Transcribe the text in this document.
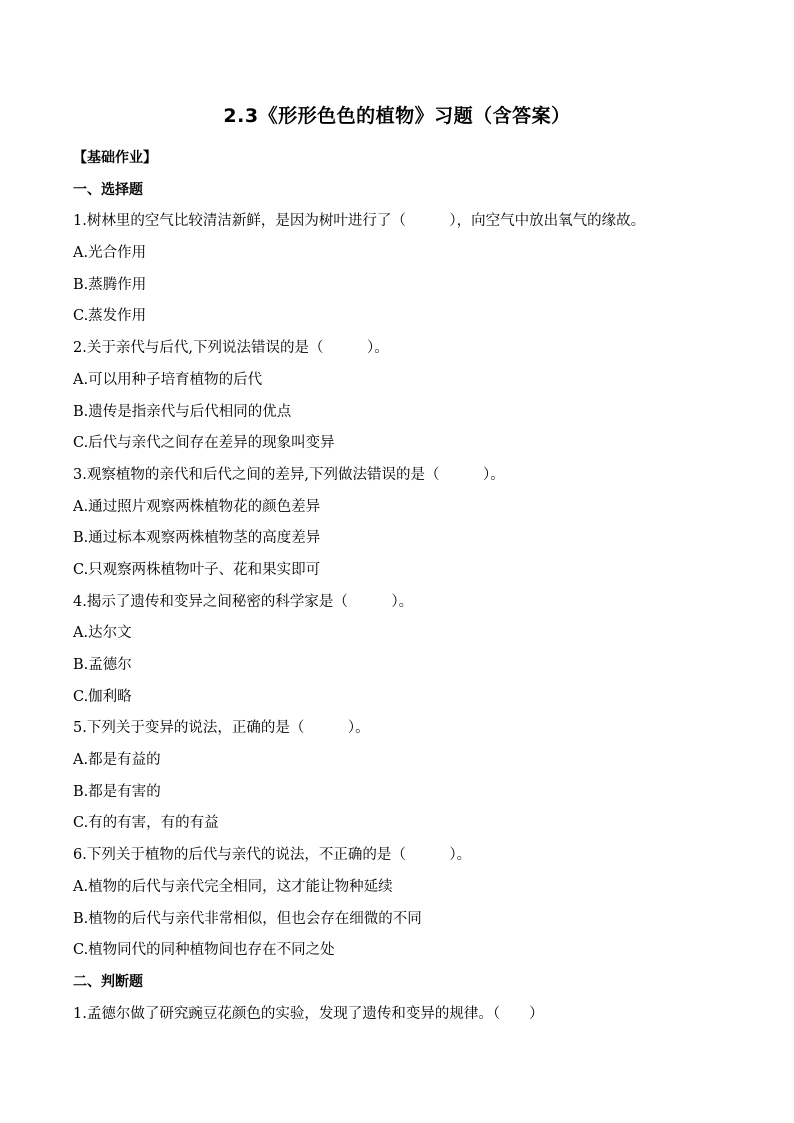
2.3《形形色色的植物》习题（含答案）
【基础作业】
一、选择题
1.树林里的空气比较清洁新鲜，是因为树叶进行了（　　　），向空气中放出氧气的缘故。
A.光合作用
B.蒸腾作用
C.蒸发作用
2.关于亲代与后代,下列说法错误的是（　　　）。
A.可以用种子培育植物的后代
B.遗传是指亲代与后代相同的优点
C.后代与亲代之间存在差异的现象叫变异
3.观察植物的亲代和后代之间的差异,下列做法错误的是（　　　）。
A.通过照片观察两株植物花的颜色差异
B.通过标本观察两株植物茎的高度差异
C.只观察两株植物叶子、花和果实即可
4.揭示了遗传和变异之间秘密的科学家是（　　　）。
A.达尔文
B.孟德尔
C.伽利略
5.下列关于变异的说法，正确的是（　　　）。
A.都是有益的
B.都是有害的
C.有的有害，有的有益
6.下列关于植物的后代与亲代的说法，不正确的是（　　　）。
A.植物的后代与亲代完全相同，这才能让物种延续
B.植物的后代与亲代非常相似，但也会存在细微的不同
C.植物同代的同种植物间也存在不同之处
二、判断题
1.孟德尔做了研究豌豆花颜色的实验，发现了遗传和变异的规律。（　　）
